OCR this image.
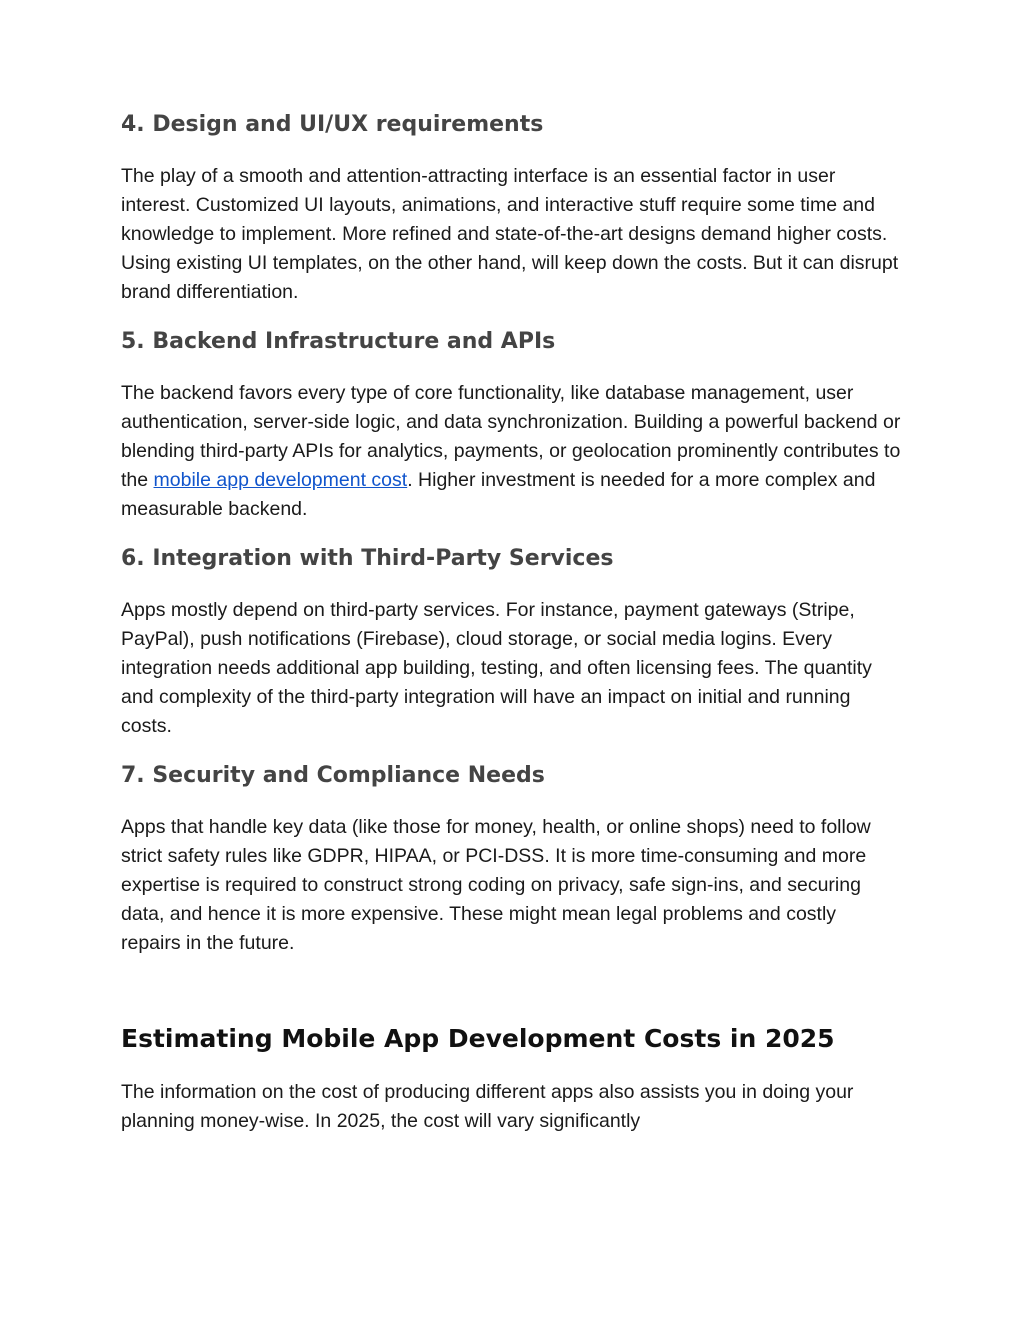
4. Design and UI/UX requirements

The play of a smooth and attention-attracting interface is an essential factor in user interest. Customized UI layouts, animations, and interactive stuff require some time and knowledge to implement. More refined and state-of-the-art designs demand higher costs. Using existing UI templates, on the other hand, will keep down the costs. But it can disrupt brand differentiation.

5. Backend Infrastructure and APIs

The backend favors every type of core functionality, like database management, user authentication, server-side logic, and data synchronization. Building a powerful backend or blending third-party APIs for analytics, payments, or geolocation prominently contributes to the mobile app development cost. Higher investment is needed for a more complex and measurable backend.

6. Integration with Third-Party Services

Apps mostly depend on third-party services. For instance, payment gateways (Stripe, PayPal), push notifications (Firebase), cloud storage, or social media logins. Every integration needs additional app building, testing, and often licensing fees. The quantity and complexity of the third-party integration will have an impact on initial and running costs.

7. Security and Compliance Needs

Apps that handle key data (like those for money, health, or online shops) need to follow strict safety rules like GDPR, HIPAA, or PCI-DSS. It is more time-consuming and more expertise is required to construct strong coding on privacy, safe sign-ins, and securing data, and hence it is more expensive. These might mean legal problems and costly repairs in the future.

Estimating Mobile App Development Costs in 2025

The information on the cost of producing different apps also assists you in doing your planning money-wise. In 2025, the cost will vary significantly
